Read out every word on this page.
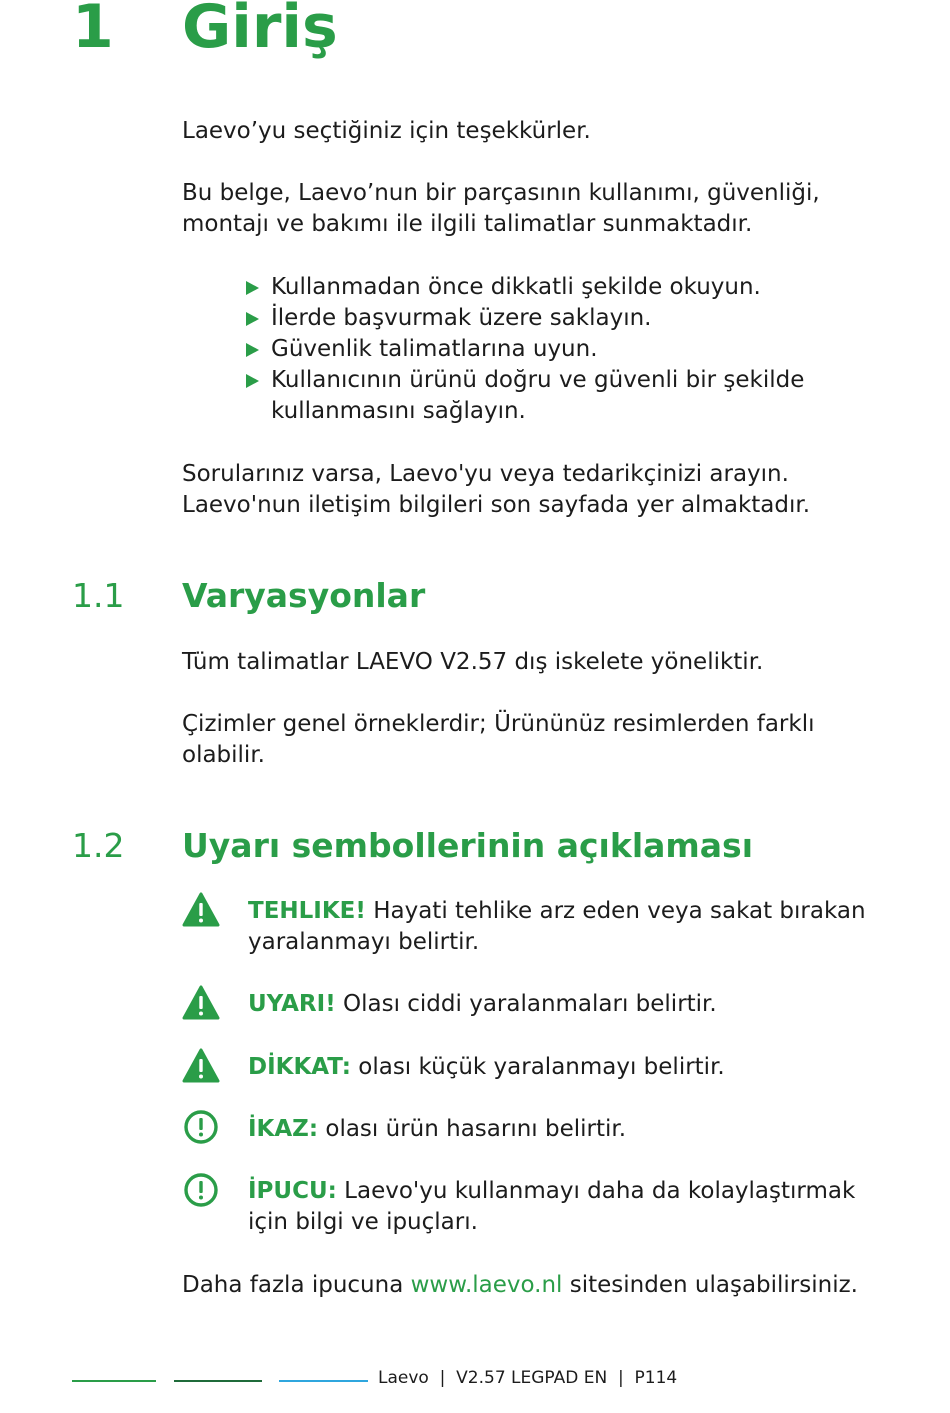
1 Giriş
Laevo’yu seçtiğiniz için teşekkürler.
Bu belge, Laevo’nun bir parçasının kullanımı, güvenliği, montajı ve bakımı ile ilgili talimatlar sunmaktadır.
Kullanmadan önce dikkatli şekilde okuyun.
İlerde başvurmak üzere saklayın.
Güvenlik talimatlarına uyun.
Kullanıcının ürünü doğru ve güvenli bir şekilde kullanmasını sağlayın.
Sorularınız varsa, Laevo'yu veya tedarikçinizi arayın. Laevo'nun iletişim bilgileri son sayfada yer almaktadır.
1.1 Varyasyonlar
Tüm talimatlar LAEVO V2.57 dış iskelete yöneliktir.
Çizimler genel örneklerdir; Ürününüz resimlerden farklı olabilir.
1.2 Uyarı sembollerinin açıklaması
TEHLIKE! Hayati tehlike arz eden veya sakat bırakan yaralanmayı belirtir.
UYARI! Olası ciddi yaralanmaları belirtir.
DİKKAT: olası küçük yaralanmayı belirtir.
İKAZ: olası ürün hasarını belirtir.
İPUCU: Laevo'yu kullanmayı daha da kolaylaştırmak için bilgi ve ipuçları.
Daha fazla ipucuna www.laevo.nl sitesinden ulaşabilirsiniz.
Laevo  |  V2.57 LEGPAD EN  |  P114
